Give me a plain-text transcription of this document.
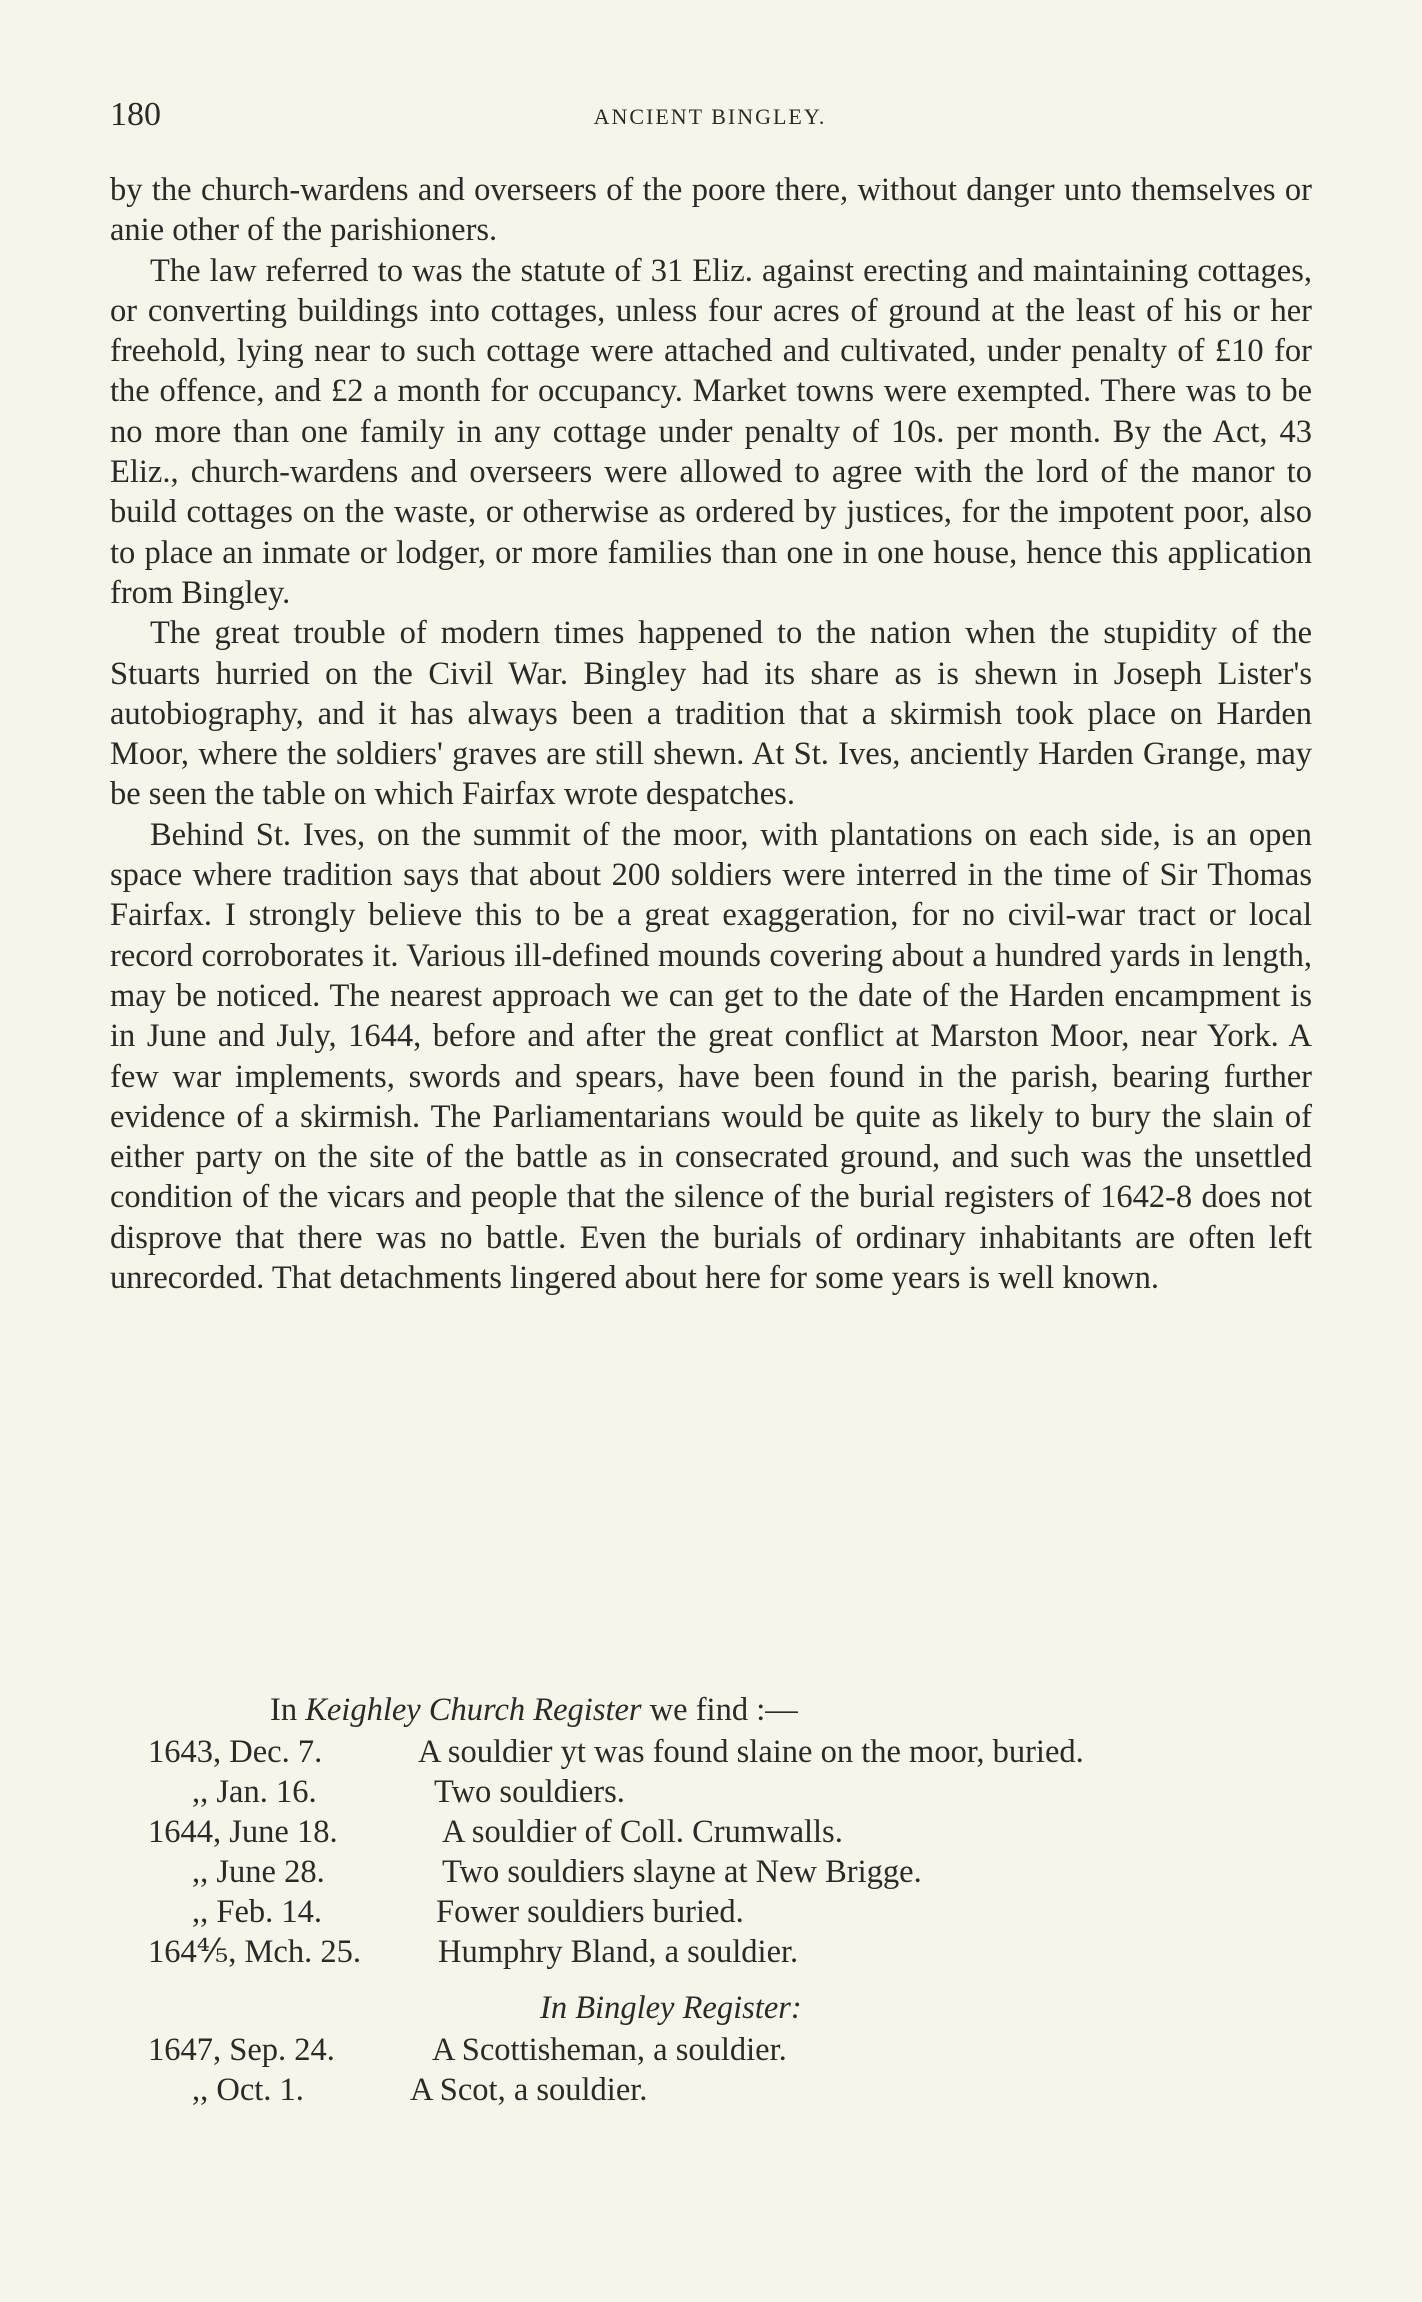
180	ANCIENT BINGLEY.

by the church-wardens and overseers of the poore there, without danger unto themselves or anie other of the parishioners.

The law referred to was the statute of 31 Eliz. against erecting and maintaining cottages, or converting buildings into cottages, unless four acres of ground at the least of his or her freehold, lying near to such cottage were attached and cultivated, under penalty of £10 for the offence, and £2 a month for occupancy. Market towns were exempted. There was to be no more than one family in any cottage under penalty of 10s. per month. By the Act, 43 Eliz., church-wardens and overseers were allowed to agree with the lord of the manor to build cottages on the waste, or otherwise as ordered by justices, for the impotent poor, also to place an inmate or lodger, or more families than one in one house, hence this application from Bingley.

The great trouble of modern times happened to the nation when the stupidity of the Stuarts hurried on the Civil War. Bingley had its share as is shewn in Joseph Lister's autobiography, and it has always been a tradition that a skirmish took place on Harden Moor, where the soldiers' graves are still shewn. At St. Ives, anciently Harden Grange, may be seen the table on which Fairfax wrote despatches.

Behind St. Ives, on the summit of the moor, with plantations on each side, is an open space where tradition says that about 200 soldiers were interred in the time of Sir Thomas Fairfax. I strongly believe this to be a great exaggeration, for no civil-war tract or local record corroborates it. Various ill-defined mounds covering about a hundred yards in length, may be noticed. The nearest approach we can get to the date of the Harden encampment is in June and July, 1644, before and after the great conflict at Marston Moor, near York. A few war implements, swords and spears, have been found in the parish, bearing further evidence of a skirmish. The Parliamentarians would be quite as likely to bury the slain of either party on the site of the battle as in consecrated ground, and such was the unsettled condition of the vicars and people that the silence of the burial registers of 1642-8 does not disprove that there was no battle. Even the burials of ordinary inhabitants are often left unrecorded. That detachments lingered about here for some years is well known.

In Keighley Church Register we find :—
1643, Dec. 7.	A souldier yt was found slaine on the moor, buried.
,, Jan. 16.	Two souldiers.
1644, June 18.	A souldier of Coll. Crumwalls.
,, June 28.	Two souldiers slayne at New Brigge.
,, Feb. 14.	Fower souldiers buried.
164⅘, Mch. 25. Humphry Bland, a souldier.
In Bingley Register:
1647, Sep. 24.	A Scottisheman, a souldier.
,, Oct. 1.	A Scot, a souldier.
